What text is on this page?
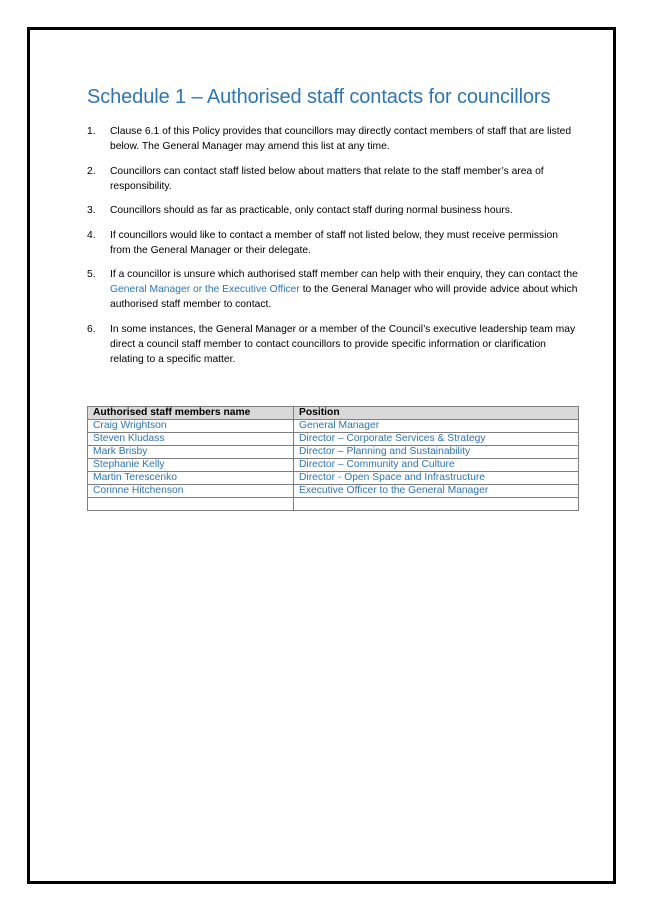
Schedule 1 – Authorised staff contacts for councillors
1.	Clause 6.1 of this Policy provides that councillors may directly contact members of staff that are listed below. The General Manager may amend this list at any time.
2.	Councillors can contact staff listed below about matters that relate to the staff member’s area of responsibility.
3.	Councillors should as far as practicable, only contact staff during normal business hours.
4.	If councillors would like to contact a member of staff not listed below, they must receive permission from the General Manager or their delegate.
5.	If a councillor is unsure which authorised staff member can help with their enquiry, they can contact the General Manager or the Executive Officer to the General Manager who will provide advice about which authorised staff member to contact.
6.	In some instances, the General Manager or a member of the Council’s executive leadership team may direct a council staff member to contact councillors to provide specific information or clarification relating to a specific matter.
Authorised staff members name	Position
Craig Wrightson	General Manager
Steven Kludass	Director – Corporate Services & Strategy
Mark Brisby	Director – Planning and Sustainability
Stephanie Kelly	Director – Community and Culture
Martin Terescenko	Director - Open Space and Infrastructure
Corinne Hitchenson	Executive Officer to the General Manager
